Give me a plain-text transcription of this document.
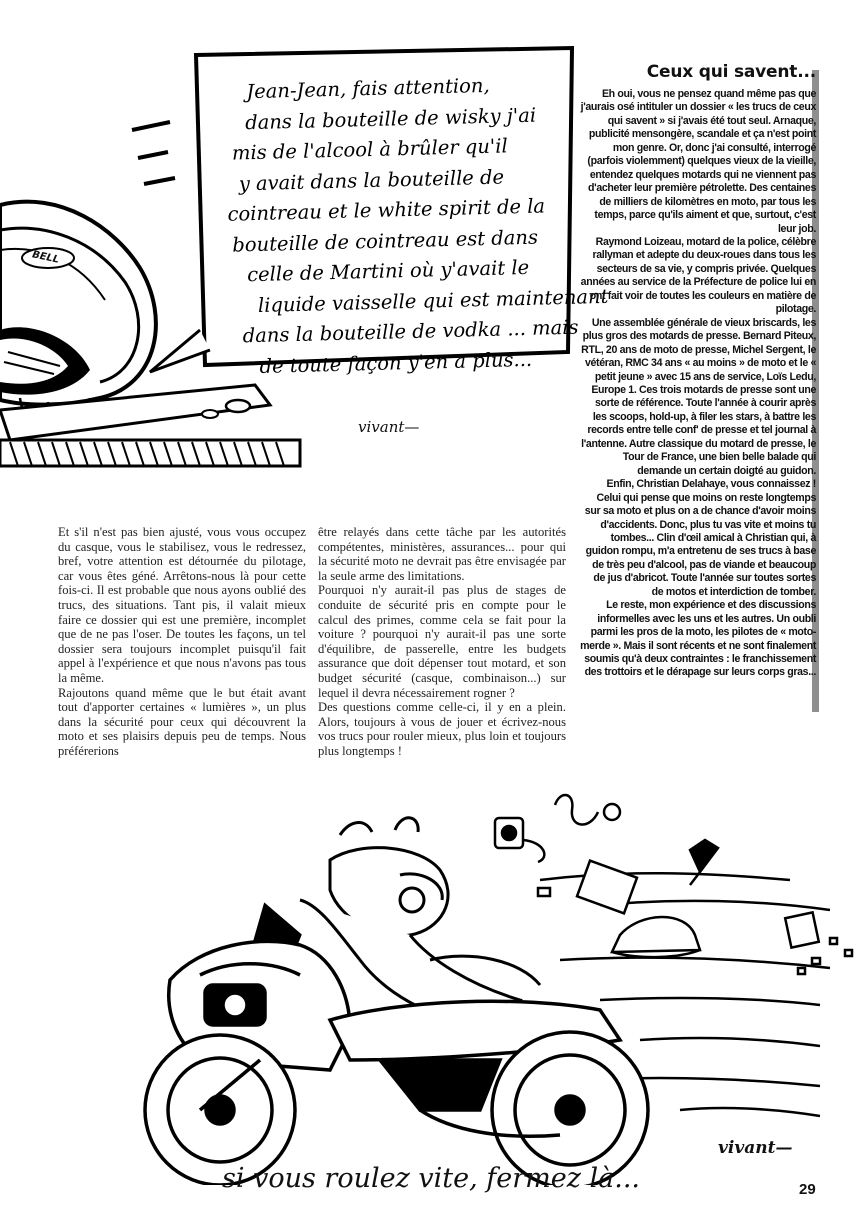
BELL
Jean-Jean, fais attention,
dans la bouteille de wisky j'ai
mis de l'alcool à brûler qu'il
y avait dans la bouteille de
cointreau et le white spirit de la
bouteille de cointreau est dans
celle de Martini où y'avait le
liquide vaisselle qui est maintenant
dans la bouteille de vodka ... mais
de toute façon y'en a plus...
vivant—
Ceux qui savent...

Eh oui, vous ne pensez quand même pas que j'aurais osé intituler un dossier « les trucs de ceux qui savent » si j'avais été tout seul. Arnaque, publicité mensongère, scandale et ça n'est point mon genre. Or, donc j'ai consulté, interrogé (parfois violemment) quelques vieux de la vieille, entendez quelques motards qui ne viennent pas d'acheter leur première pétrolette. Des centaines de milliers de kilomètres en moto, par tous les temps, parce qu'ils aiment et que, surtout, c'est leur job.

Raymond Loizeau, motard de la police, célèbre rallyman et adepte du deux-roues dans tous les secteurs de sa vie, y compris privée. Quelques années au service de la Préfecture de police lui en ont fait voir de toutes les couleurs en matière de pilotage.

Une assemblée générale de vieux briscards, les plus gros des motards de presse. Bernard Piteux, RTL, 20 ans de moto de presse, Michel Sergent, le vétéran, RMC 34 ans « au moins » de moto et le « petit jeune » avec 15 ans de service, Loïs Ledu, Europe 1. Ces trois motards de presse sont une sorte de référence. Toute l'année à courir après les scoops, hold-up, à filer les stars, à battre les records entre telle conf' de presse et tel journal à l'antenne. Autre classique du motard de presse, le Tour de France, une bien belle balade qui demande un certain doigté au guidon.

Enfin, Christian Delahaye, vous connaissez ! Celui qui pense que moins on reste longtemps sur sa moto et plus on a de chance d'avoir moins d'accidents. Donc, plus tu vas vite et moins tu tombes... Clin d'œil amical à Christian qui, à guidon rompu, m'a entretenu de ses trucs à base de très peu d'alcool, pas de viande et beaucoup de jus d'abricot. Toute l'année sur toutes sortes de motos et interdiction de tomber.

Le reste, mon expérience et des discussions informelles avec les uns et les autres. Un oubli parmi les pros de la moto, les pilotes de « moto-merde ». Mais il sont récents et ne sont finalement soumis qu'à deux contraintes : le franchissement des trottoirs et le dérapage sur leurs corps gras...

Et s'il n'est pas bien ajusté, vous vous occupez du casque, vous le stabilisez, vous le redressez, bref, votre attention est détournée du pilotage, car vous êtes géné. Arrêtons-nous là pour cette fois-ci. Il est probable que nous ayons oublié des trucs, des situations. Tant pis, il valait mieux faire ce dossier qui est une première, incomplet que de ne pas l'oser. De toutes les façons, un tel dossier sera toujours incomplet puisqu'il fait appel à l'expérience et que nous n'avons pas tous la même.

Rajoutons quand même que le but était avant tout d'apporter certaines « lumières », un plus dans la sécurité pour ceux qui découvrent la moto et ses plaisirs depuis peu de temps. Nous préférerions

être relayés dans cette tâche par les autorités compétentes, ministères, assurances... pour qui la sécurité moto ne devrait pas être envisagée par la seule arme des limitations.

Pourquoi n'y aurait-il pas plus de stages de conduite de sécurité pris en compte pour le calcul des primes, comme cela se fait pour la voiture ? pourquoi n'y aurait-il pas une sorte d'équilibre, de passerelle, entre les budgets assurance que doit dépenser tout motard, et son budget sécurité (casque, combinaison...) sur lequel il devra nécessairement rogner ?

Des questions comme celle-ci, il y en a plein. Alors, toujours à vous de jouer et écrivez-nous vos trucs pour rouler mieux, plus loin et toujours plus longtemps !

vivant—
si vous roulez vite, fermez là...	29
